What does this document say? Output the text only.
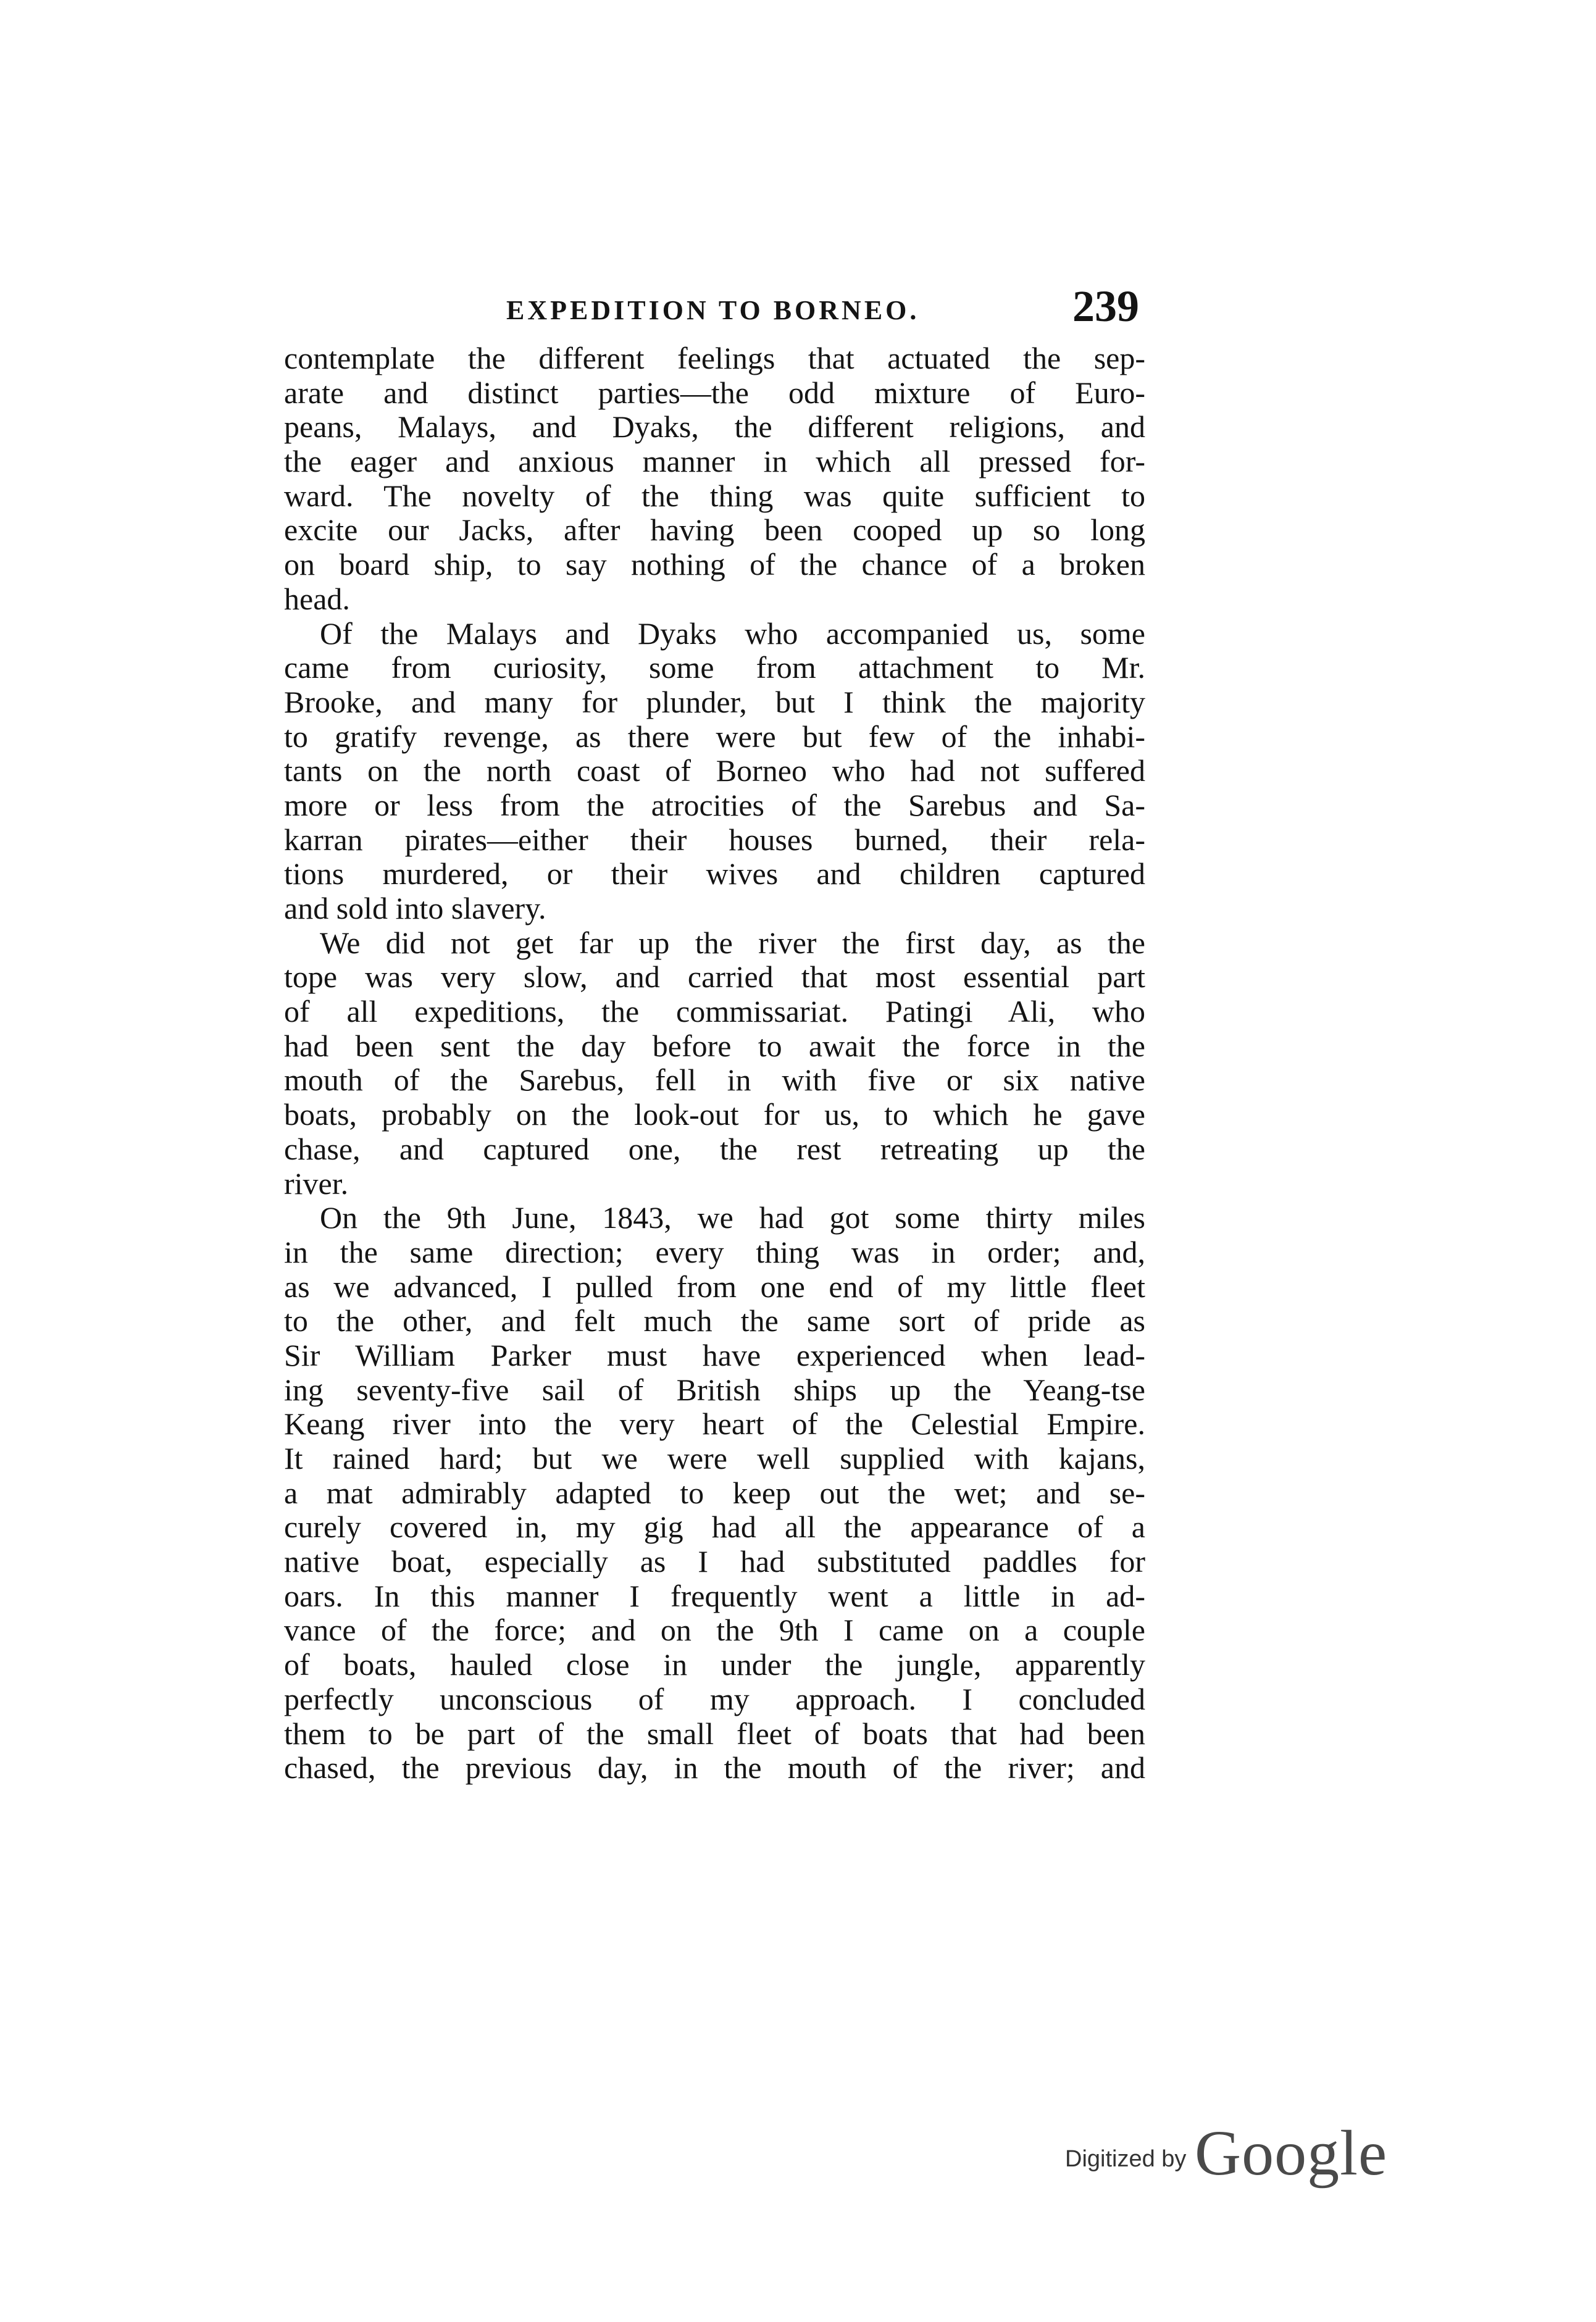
EXPEDITION TO BORNEO.	239
contemplate the different feelings that actuated the sep-
arate and distinct parties—the odd mixture of Euro-
peans, Malays, and Dyaks, the different religions, and
the eager and anxious manner in which all pressed for-
ward. The novelty of the thing was quite sufficient to
excite our Jacks, after having been cooped up so long
on board ship, to say nothing of the chance of a broken
head.
Of the Malays and Dyaks who accompanied us, some
came from curiosity, some from attachment to Mr.
Brooke, and many for plunder, but I think the majority
to gratify revenge, as there were but few of the inhabi-
tants on the north coast of Borneo who had not suffered
more or less from the atrocities of the Sarebus and Sa-
karran pirates—either their houses burned, their rela-
tions murdered, or their wives and children captured
and sold into slavery.
We did not get far up the river the first day, as the
tope was very slow, and carried that most essential part
of all expeditions, the commissariat. Patingi Ali, who
had been sent the day before to await the force in the
mouth of the Sarebus, fell in with five or six native
boats, probably on the look-out for us, to which he gave
chase, and captured one, the rest retreating up the
river.
On the 9th June, 1843, we had got some thirty miles
in the same direction; every thing was in order; and,
as we advanced, I pulled from one end of my little fleet
to the other, and felt much the same sort of pride as
Sir William Parker must have experienced when lead-
ing seventy-five sail of British ships up the Yeang-tse
Keang river into the very heart of the Celestial Empire.
It rained hard; but we were well supplied with kajans,
a mat admirably adapted to keep out the wet; and se-
curely covered in, my gig had all the appearance of a
native boat, especially as I had substituted paddles for
oars. In this manner I frequently went a little in ad-
vance of the force; and on the 9th I came on a couple
of boats, hauled close in under the jungle, apparently
perfectly unconscious of my approach. I concluded
them to be part of the small fleet of boats that had been
chased, the previous day, in the mouth of the river; and
Digitized by Google
